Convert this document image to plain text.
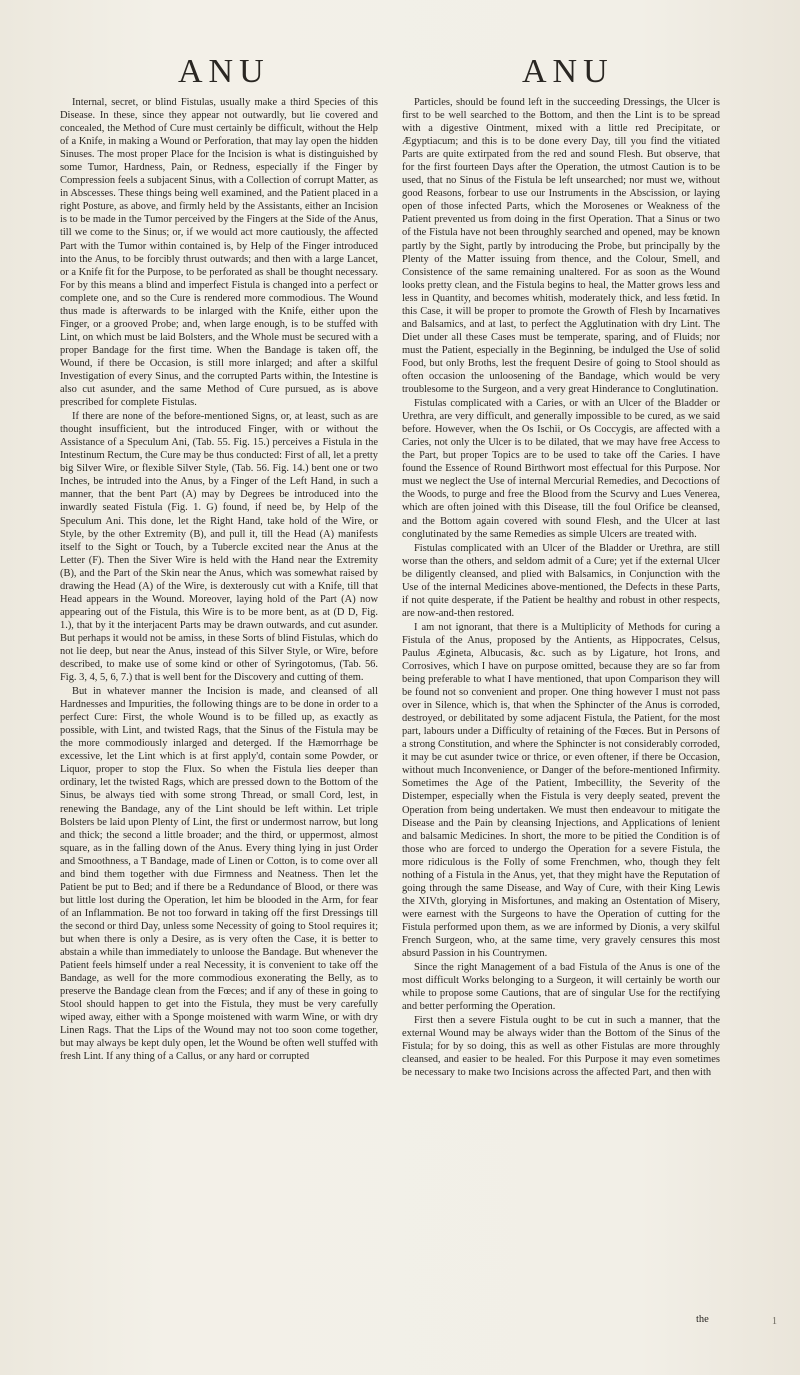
ANU	ANU

Internal, secret, or blind Fistulas, usually make a third Species of this Disease. In these, since they appear not outwardly, but lie covered and concealed, the Method of Cure must certainly be difficult, without the Help of a Knife, in making a Wound or Perforation, that may lay open the hidden Sinuses. The most proper Place for the Incision is what is distinguished by some Tumor, Hardness, Pain, or Redness, especially if the Finger by Compression feels a subjacent Sinus, with a Collection of corrupt Matter, as in Abscesses. These things being well examined, and the Patient placed in a right Posture, as above, and firmly held by the Assistants, either an Incision is to be made in the Tumor perceived by the Fingers at the Side of the Anus, till we come to the Sinus; or, if we would act more cautiously, the affected Part with the Tumor within contained is, by Help of the Finger introduced into the Anus, to be forcibly thrust outwards; and then with a large Lancet, or a Knife fit for the Purpose, to be perforated as shall be thought necessary. For by this means a blind and imperfect Fistula is changed into a perfect or complete one, and so the Cure is rendered more commodious. The Wound thus made is afterwards to be inlarged with the Knife, either upon the Finger, or a grooved Probe; and, when large enough, is to be stuffed with Lint, on which must be laid Bolsters, and the Whole must be secured with a proper Bandage for the first time. When the Bandage is taken off, the Wound, if there be Occasion, is still more inlarged; and after a skilful Investigation of every Sinus, and the corrupted Parts within, the Intestine is also cut asunder, and the same Method of Cure pursued, as is above prescribed for complete Fistulas.

If there are none of the before-mentioned Signs, or, at least, such as are thought insufficient, but the introduced Finger, with or without the Assistance of a Speculum Ani, (Tab. 55. Fig. 15.) perceives a Fistula in the Intestinum Rectum, the Cure may be thus conducted: First of all, let a pretty big Silver Wire, or flexible Silver Style, (Tab. 56. Fig. 14.) bent one or two Inches, be intruded into the Anus, by a Finger of the Left Hand, in such a manner, that the bent Part (A) may by Degrees be introduced into the inwardly seated Fistula (Fig. 1. G) found, if need be, by Help of the Speculum Ani. This done, let the Right Hand, take hold of the Wire, or Style, by the other Extremity (B), and pull it, till the Head (A) manifests itself to the Sight or Touch, by a Tubercle excited near the Anus at the Letter (F). Then the Siver Wire is held with the Hand near the Extremity (B), and the Part of the Skin near the Anus, which was somewhat raised by drawing the Head (A) of the Wire, is dexterously cut with a Knife, till that Head appears in the Wound. Moreover, laying hold of the Part (A) now appearing out of the Fistula, this Wire is to be more bent, as at (D D, Fig. 1.), that by it the interjacent Parts may be drawn outwards, and cut asunder. But perhaps it would not be amiss, in these Sorts of blind Fistulas, which do not lie deep, but near the Anus, instead of this Silver Style, or Wire, before described, to make use of some kind or other of Syringotomus, (Tab. 56. Fig. 3, 4, 5, 6, 7.) that is well bent for the Discovery and cutting of them.

But in whatever manner the Incision is made, and cleansed of all Hardnesses and Impurities, the following things are to be done in order to a perfect Cure: First, the whole Wound is to be filled up, as exactly as possible, with Lint, and twisted Rags, that the Sinus of the Fistula may be the more commodiously inlarged and deterged. If the Hæmorrhage be excessive, let the Lint which is at first apply'd, contain some Powder, or Liquor, proper to stop the Flux. So when the Fistula lies deeper than ordinary, let the twisted Rags, which are pressed down to the Bottom of the Sinus, be always tied with some strong Thread, or small Cord, lest, in renewing the Bandage, any of the Lint should be left within. Let triple Bolsters be laid upon Plenty of Lint, the first or undermost narrow, but long and thick; the second a little broader; and the third, or uppermost, almost square, as in the falling down of the Anus. Every thing lying in just Order and Smoothness, a T Bandage, made of Linen or Cotton, is to come over all and bind them together with due Firmness and Neatness. Then let the Patient be put to Bed; and if there be a Redundance of Blood, or there was but little lost during the Operation, let him be blooded in the Arm, for fear of an Inflammation. Be not too forward in taking off the first Dressings till the second or third Day, unless some Necessity of going to Stool requires it; but when there is only a Desire, as is very often the Case, it is better to abstain a while than immediately to unloose the Bandage. But whenever the Patient feels himself under a real Necessity, it is convenient to take off the Bandage, as well for the more commodious exonerating the Belly, as to preserve the Bandage clean from the Fœces; and if any of these in going to Stool should happen to get into the Fistula, they must be very carefully wiped away, either with a Sponge moistened with warm Wine, or with dry Linen Rags. That the Lips of the Wound may not too soon come together, but may always be kept duly open, let the Wound be often well stuffed with fresh Lint. If any thing of a Callus, or any hard or corrupted

Particles, should be found left in the succeeding Dressings, the Ulcer is first to be well searched to the Bottom, and then the Lint is to be spread with a digestive Ointment, mixed with a little red Precipitate, or Ægyptiacum; and this is to be done every Day, till you find the vitiated Parts are quite extirpated from the red and sound Flesh. But observe, that for the first fourteen Days after the Operation, the utmost Caution is to be used, that no Sinus of the Fistula be left unsearched; nor must we, without good Reasons, forbear to use our Instruments in the Abscission, or laying open of those infected Parts, which the Morosenes or Weakness of the Patient prevented us from doing in the first Operation. That a Sinus or two of the Fistula have not been throughly searched and opened, may be known partly by the Sight, partly by introducing the Probe, but principally by the Plenty of the Matter issuing from thence, and the Colour, Smell, and Consistence of the same remaining unaltered. For as soon as the Wound looks pretty clean, and the Fistula begins to heal, the Matter grows less and less in Quantity, and becomes whitish, moderately thick, and less fœtid. In this Case, it will be proper to promote the Growth of Flesh by Incarnatives and Balsamics, and at last, to perfect the Agglutination with dry Lint. The Diet under all these Cases must be temperate, sparing, and of Fluids; nor must the Patient, especially in the Beginning, be indulged the Use of solid Food, but only Broths, lest the frequent Desire of going to Stool should as often occasion the unloosening of the Bandage, which would be very troublesome to the Surgeon, and a very great Hinderance to Conglutination.

Fistulas complicated with a Caries, or with an Ulcer of the Bladder or Urethra, are very difficult, and generally impossible to be cured, as we said before. However, when the Os Ischii, or Os Coccygis, are affected with a Caries, not only the Ulcer is to be dilated, that we may have free Access to the Part, but proper Topics are to be used to take off the Caries. I have found the Essence of Round Birthwort most effectual for this Purpose. Nor must we neglect the Use of internal Mercurial Remedies, and Decoctions of the Woods, to purge and free the Blood from the Scurvy and Lues Venerea, which are often joined with this Disease, till the foul Orifice be cleansed, and the Bottom again covered with sound Flesh, and the Ulcer at last conglutinated by the same Remedies as simple Ulcers are treated with.

Fistulas complicated with an Ulcer of the Bladder or Urethra, are still worse than the others, and seldom admit of a Cure; yet if the external Ulcer be diligently cleansed, and plied with Balsamics, in Conjunction with the Use of the internal Medicines above-mentioned, the Defects in these Parts, if not quite desperate, if the Patient be healthy and robust in other respects, are now-and-then restored.

I am not ignorant, that there is a Multiplicity of Methods for curing a Fistula of the Anus, proposed by the Antients, as Hippocrates, Celsus, Paulus Ægineta, Albucasis, &c. such as by Ligature, hot Irons, and Corrosives, which I have on purpose omitted, because they are so far from being preferable to what I have mentioned, that upon Comparison they will be found not so convenient and proper. One thing however I must not pass over in Silence, which is, that when the Sphincter of the Anus is corroded, destroyed, or debilitated by some adjacent Fistula, the Patient, for the most part, labours under a Difficulty of retaining of the Fœces. But in Persons of a strong Constitution, and where the Sphincter is not considerably corroded, it may be cut asunder twice or thrice, or even oftener, if there be Occasion, without much Inconvenience, or Danger of the before-mentioned Infirmity. Sometimes the Age of the Patient, Imbecillity, the Severity of the Distemper, especially when the Fistula is very deeply seated, prevent the Operation from being undertaken. We must then endeavour to mitigate the Disease and the Pain by cleansing Injections, and Applications of lenient and balsamic Medicines. In short, the more to be pitied the Condition is of those who are forced to undergo the Operation for a severe Fistula, the more ridiculous is the Folly of some Frenchmen, who, though they felt nothing of a Fistula in the Anus, yet, that they might have the Reputation of going through the same Disease, and Way of Cure, with their King Lewis the XIVth, glorying in Misfortunes, and making an Ostentation of Misery, were earnest with the Surgeons to have the Operation of cutting for the Fistula performed upon them, as we are informed by Dionis, a very skilful French Surgeon, who, at the same time, very gravely censures this most absurd Passion in his Countrymen.

Since the right Management of a bad Fistula of the Anus is one of the most difficult Works belonging to a Surgeon, it will certainly be worth our while to propose some Cautions, that are of singular Use for the rectifying and better performing the Operation.

First then a severe Fistula ought to be cut in such a manner, that the external Wound may be always wider than the Bottom of the Sinus of the Fistula; for by so doing, this as well as other Fistulas are more throughly cleansed, and easier to be healed. For this Purpose it may even sometimes be necessary to make two Incisions across the affected Part, and then with

the	1
